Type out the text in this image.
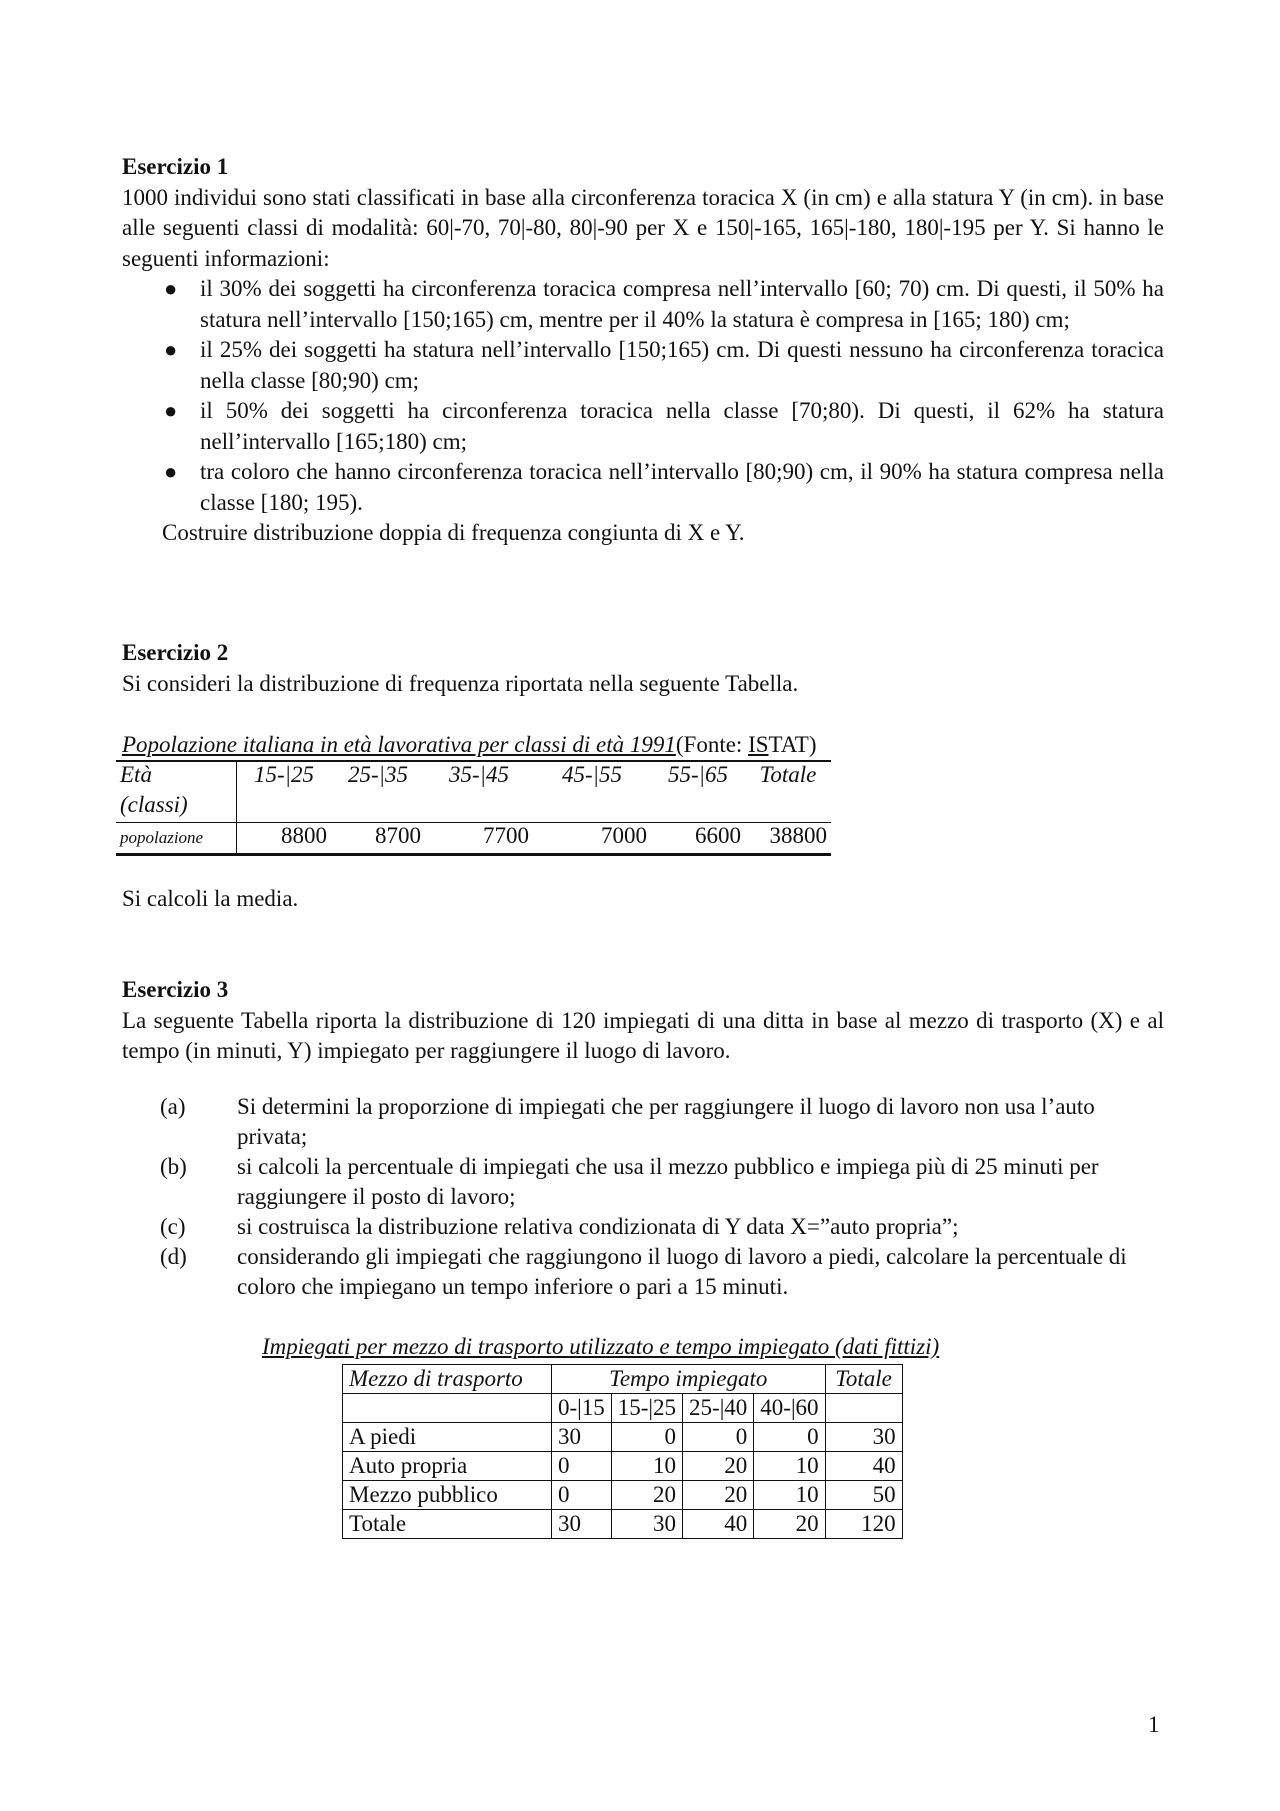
Esercizio 1
1000 individui sono stati classificati in base alla circonferenza toracica X (in cm) e alla statura Y (in cm). in base alle seguenti classi di modalità: 60|-70, 70|-80, 80|-90 per X e 150|-165, 165|-180, 180|-195 per Y. Si hanno le seguenti informazioni:
● il 30% dei soggetti ha circonferenza toracica compresa nell’intervallo [60; 70) cm. Di questi, il 50% ha statura nell’intervallo [150;165) cm, mentre per il 40% la statura è compresa in [165; 180) cm;
● il 25% dei soggetti ha statura nell’intervallo [150;165) cm. Di questi nessuno ha circonferenza toracica nella classe [80;90) cm;
● il 50% dei soggetti ha circonferenza toracica nella classe [70;80). Di questi, il 62% ha statura nell’intervallo [165;180) cm;
● tra coloro che hanno circonferenza toracica nell’intervallo [80;90) cm, il 90% ha statura compresa nella classe [180; 195).
Costruire distribuzione doppia di frequenza congiunta di X e Y.
Esercizio 2
Si consideri la distribuzione di frequenza riportata nella seguente Tabella.
Popolazione italiana in età lavorativa per classi di età 1991(Fonte: ISTAT)
Età	15-|25	25-|35	35-|45	45-|55	55-|65	Totale
(classi)						
popolazione	8800	8700	7700	7000	6600	38800
Si calcoli la media.
Esercizio 3
La seguente Tabella riporta la distribuzione di 120 impiegati di una ditta in base al mezzo di trasporto (X) e al tempo (in minuti, Y) impiegato per raggiungere il luogo di lavoro.
(a)	Si determini la proporzione di impiegati che per raggiungere il luogo di lavoro non usa l’auto privata;
(b)	si calcoli la percentuale di impiegati che usa il mezzo pubblico e impiega più di 25 minuti per raggiungere il posto di lavoro;
(c)	si costruisca la distribuzione relativa condizionata di Y data X=”auto propria”;
(d)	considerando gli impiegati che raggiungono il luogo di lavoro a piedi, calcolare la percentuale di coloro che impiegano un tempo inferiore o pari a 15 minuti.
Impiegati per mezzo di trasporto utilizzato e tempo impiegato (dati fittizi)
Mezzo di trasporto	Tempo impiegato				Totale
	0-|15	15-|25	25-|40	40-|60	
A piedi	30	0	0	0	30
Auto propria	0	10	20	10	40
Mezzo pubblico	0	20	20	10	50
Totale	30	30	40	20	120
1
